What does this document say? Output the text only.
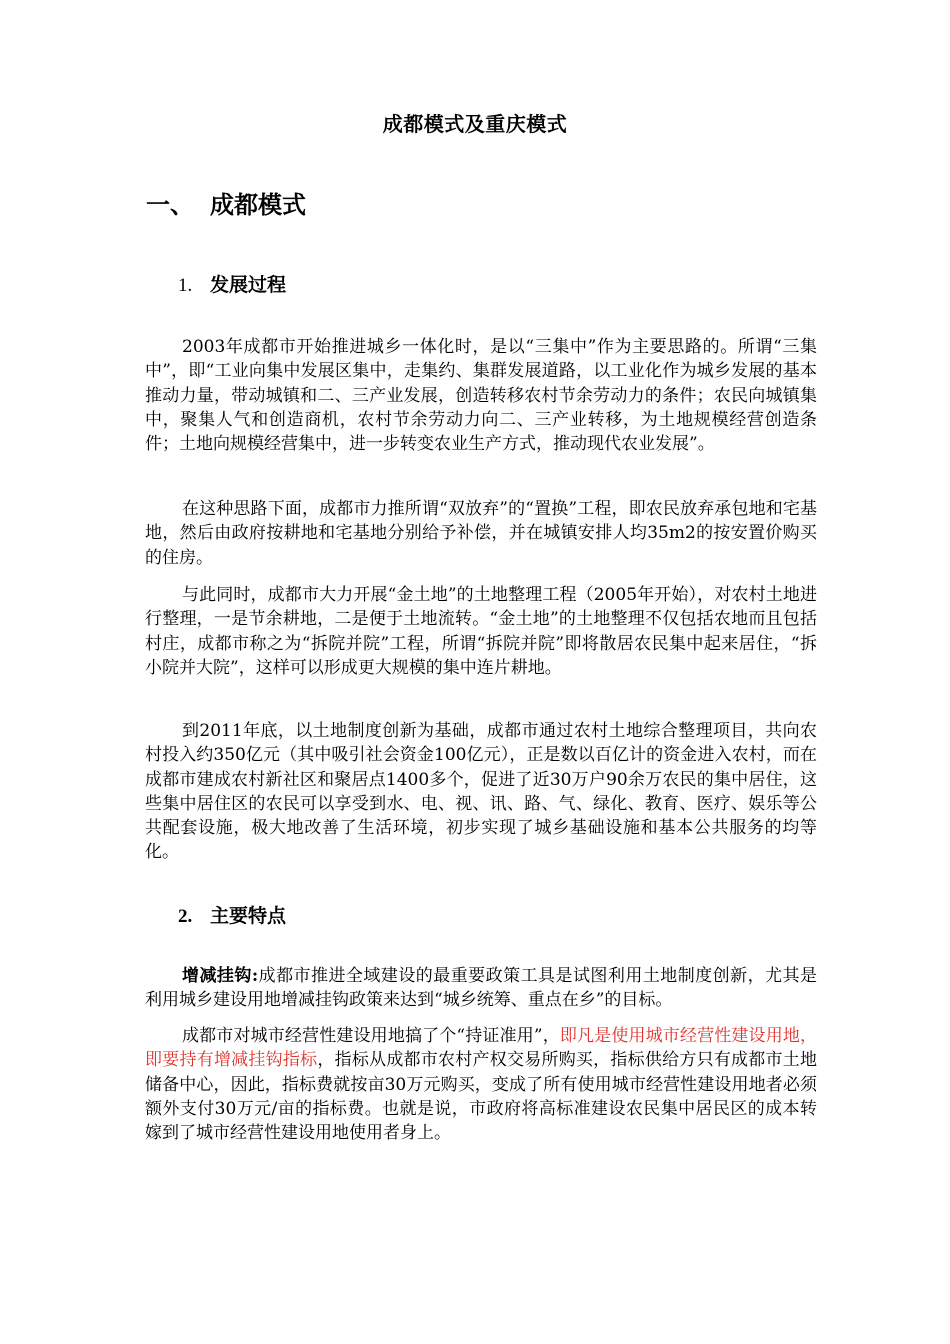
成都模式及重庆模式
一、 成都模式
1. 发展过程
2003年成都市开始推进城乡一体化时，是以“三集中”作为主要思路的。所谓“三集中”，即“工业向集中发展区集中，走集约、集群发展道路，以工业化作为城乡发展的基本推动力量，带动城镇和二、三产业发展，创造转移农村节余劳动力的条件；农民向城镇集中，聚集人气和创造商机，农村节余劳动力向二、三产业转移，为土地规模经营创造条件；土地向规模经营集中，进一步转变农业生产方式，推动现代农业发展”。
在这种思路下面，成都市力推所谓“双放弃”的“置换”工程，即农民放弃承包地和宅基地，然后由政府按耕地和宅基地分别给予补偿，并在城镇安排人均35m2的按安置价购买的住房。
与此同时，成都市大力开展“金土地”的土地整理工程（2005年开始），对农村土地进行整理，一是节余耕地，二是便于土地流转。“金土地”的土地整理不仅包括农地而且包括村庄，成都市称之为“拆院并院”工程，所谓“拆院并院”即将散居农民集中起来居住，“拆小院并大院”，这样可以形成更大规模的集中连片耕地。
到2011年底，以土地制度创新为基础，成都市通过农村土地综合整理项目，共向农村投入约350亿元（其中吸引社会资金100亿元），正是数以百亿计的资金进入农村，而在成都市建成农村新社区和聚居点1400多个，促进了近30万户90余万农民的集中居住，这些集中居住区的农民可以享受到水、电、视、讯、路、气、绿化、教育、医疗、娱乐等公共配套设施，极大地改善了生活环境，初步实现了城乡基础设施和基本公共服务的均等化。
2. 主要特点
增减挂钩:成都市推进全域建设的最重要政策工具是试图利用土地制度创新，尤其是利用城乡建设用地增减挂钩政策来达到“城乡统筹、重点在乡”的目标。
成都市对城市经营性建设用地搞了个“持证准用”，即凡是使用城市经营性建设用地，即要持有增减挂钩指标，指标从成都市农村产权交易所购买，指标供给方只有成都市土地储备中心，因此，指标费就按亩30万元购买，变成了所有使用城市经营性建设用地者必须额外支付30万元/亩的指标费。也就是说，市政府将高标准建设农民集中居民区的成本转嫁到了城市经营性建设用地使用者身上。
